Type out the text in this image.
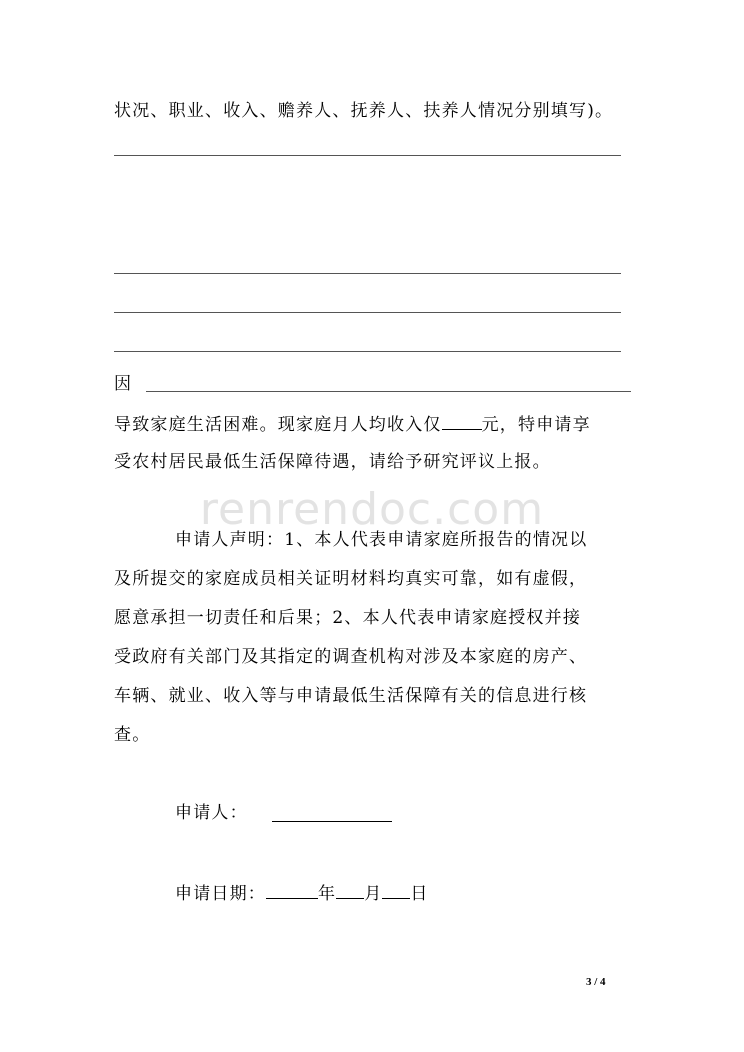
renrendoc.com
状况、职业、收入、赡养人、抚养人、扶养人情况分别填写)。
因
导致家庭生活困难。现家庭月人均收入仅 元，特申请享
受农村居民最低生活保障待遇，请给予研究评议上报。
申请人声明：1、本人代表申请家庭所报告的情况以
及所提交的家庭成员相关证明材料均真实可靠，如有虚假，
愿意承担一切责任和后果；2、本人代表申请家庭授权并接
受政府有关部门及其指定的调查机构对涉及本家庭的房产、
车辆、就业、收入等与申请最低生活保障有关的信息进行核
查。
申请人：
申请日期：	年 月 日
3 / 4
